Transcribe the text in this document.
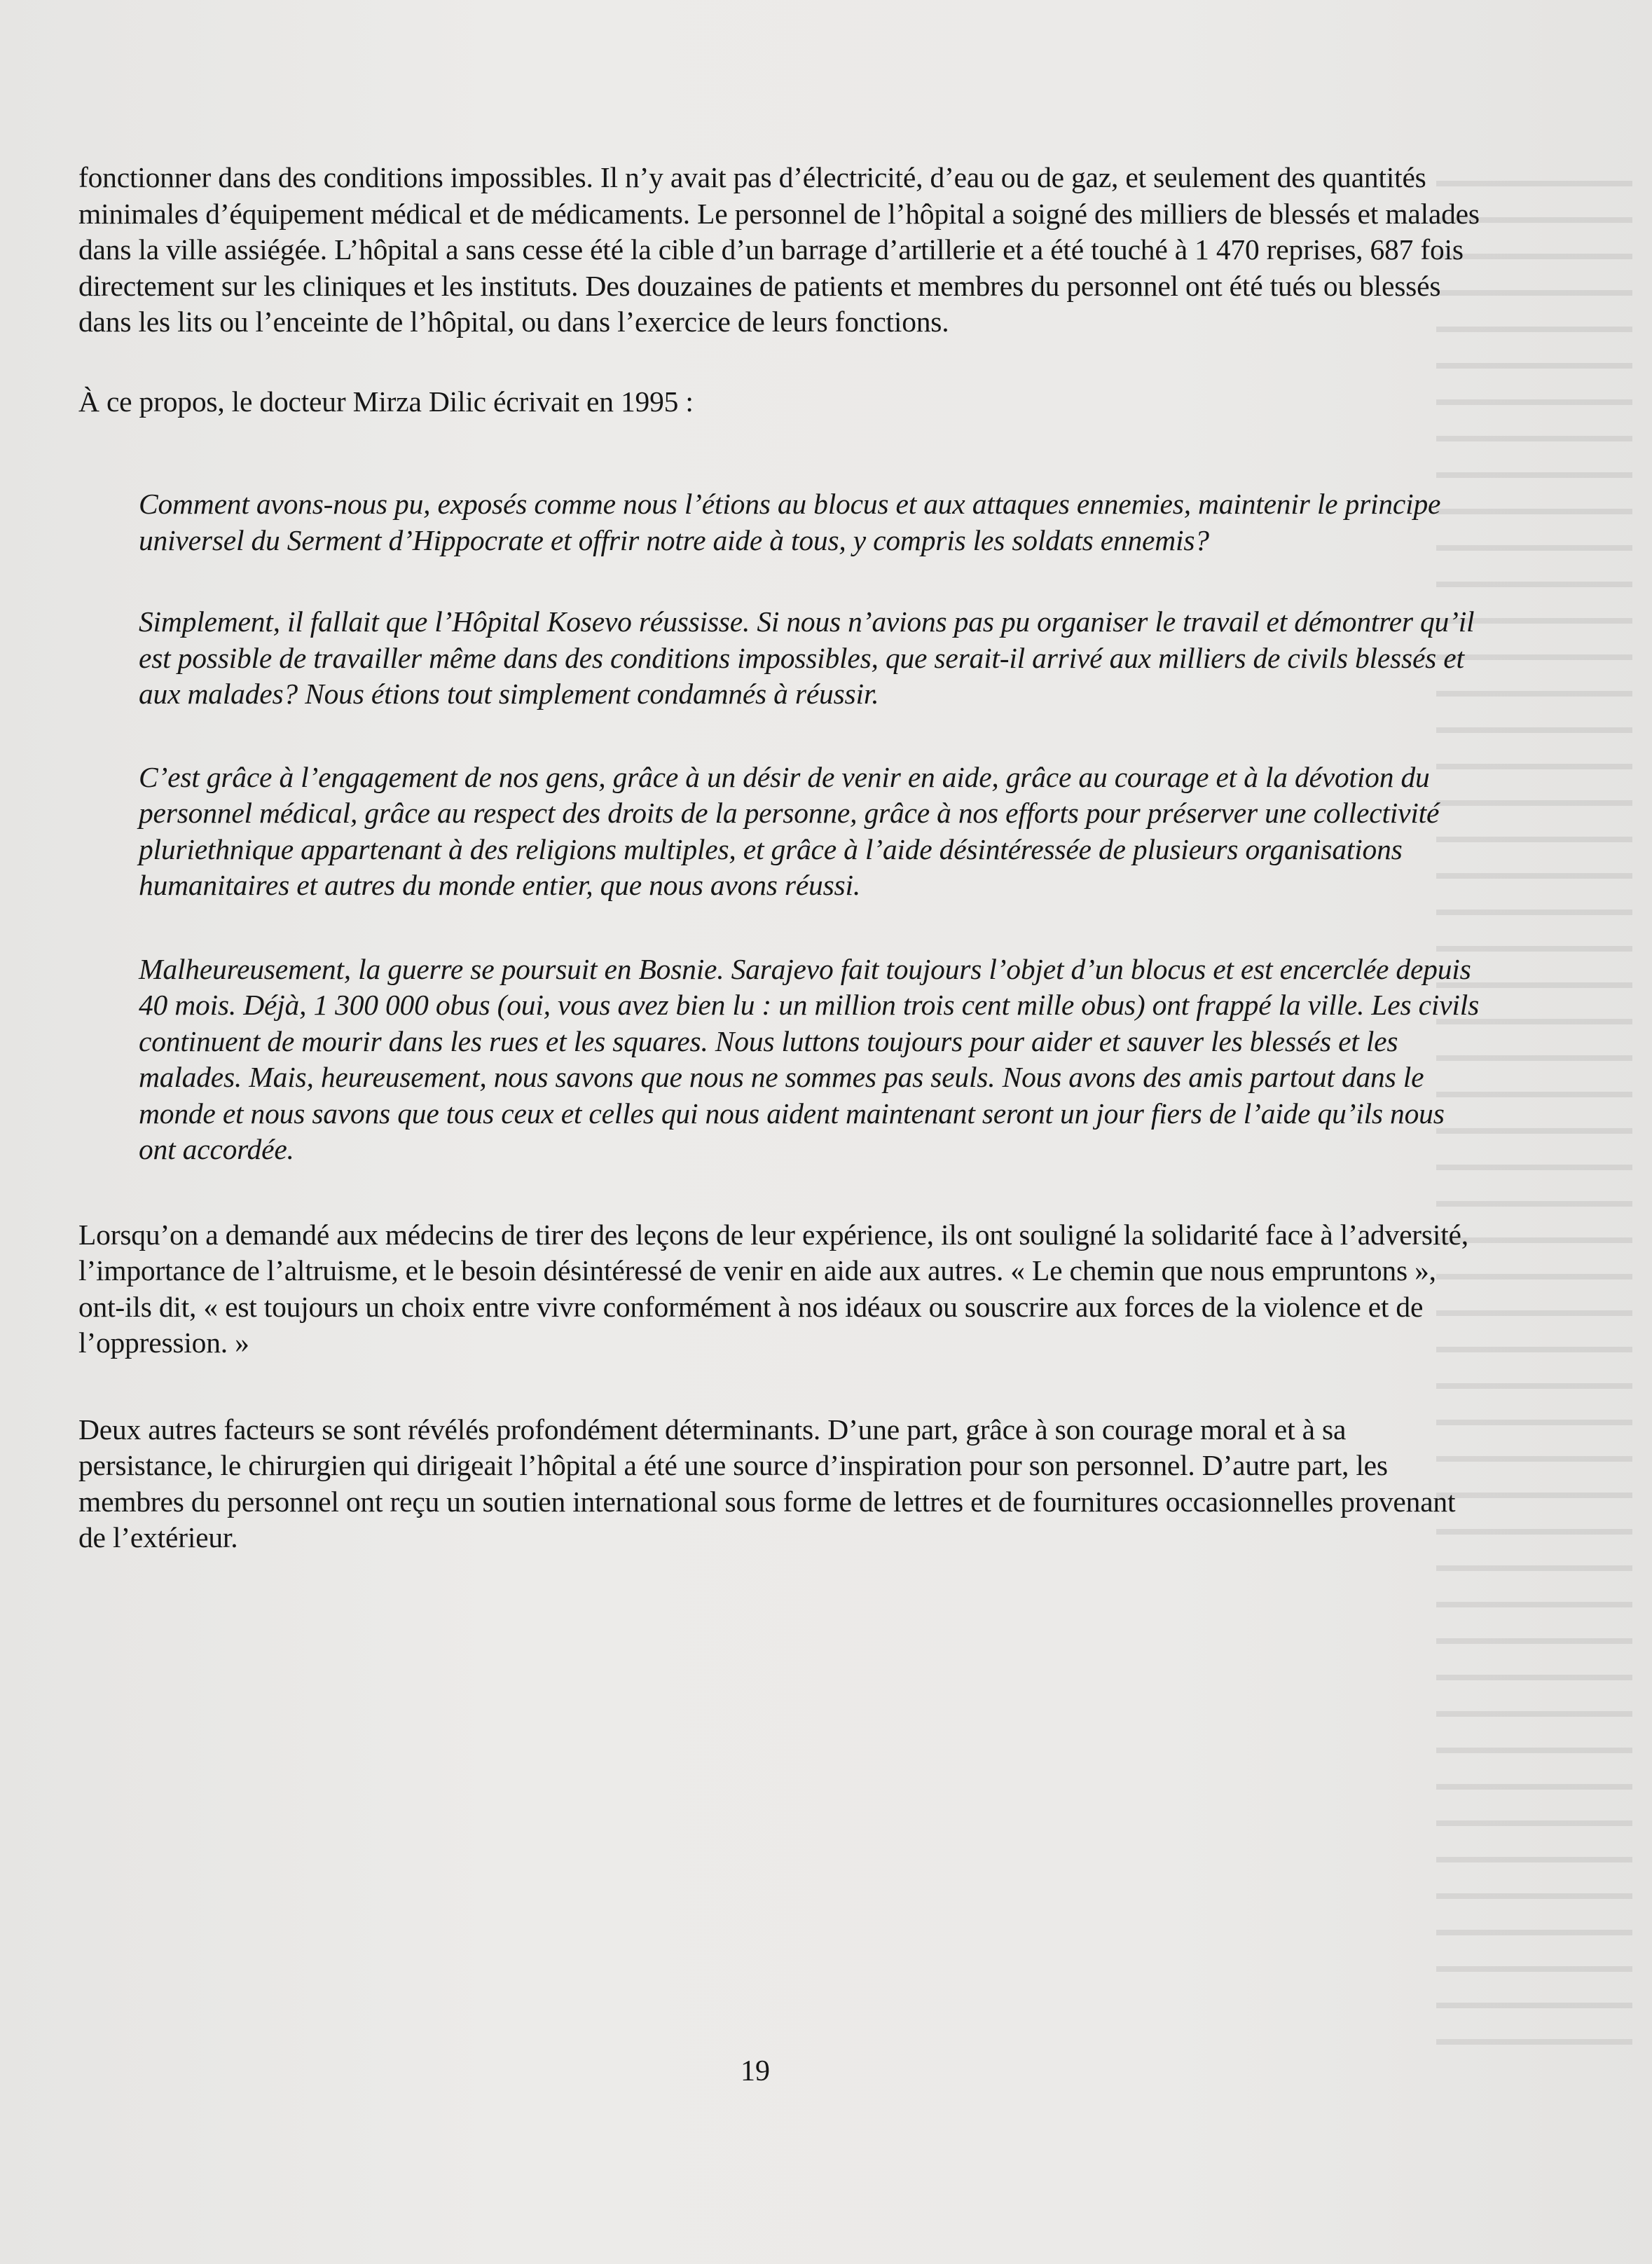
fonctionner dans des conditions impossibles. Il n’y avait pas d’électricité, d’eau ou de gaz, et seulement des quantités minimales d’équipement médical et de médicaments. Le personnel de l’hôpital a soigné des milliers de blessés et malades dans la ville assiégée. L’hôpital a sans cesse été la cible d’un barrage d’artillerie et a été touché à 1 470 reprises, 687 fois directement sur les cliniques et les instituts. Des douzaines de patients et membres du personnel ont été tués ou blessés dans les lits ou l’enceinte de l’hôpital, ou dans l’exercice de leurs fonctions.

À ce propos, le docteur Mirza Dilic écrivait en 1995 :

Comment avons-nous pu, exposés comme nous l’étions au blocus et aux attaques ennemies, maintenir le principe universel du Serment d’Hippocrate et offrir notre aide à tous, y compris les soldats ennemis?

Simplement, il fallait que l’Hôpital Kosevo réussisse. Si nous n’avions pas pu organiser le travail et démontrer qu’il est possible de travailler même dans des conditions impossibles, que serait-il arrivé aux milliers de civils blessés et aux malades? Nous étions tout simplement condamnés à réussir.

C’est grâce à l’engagement de nos gens, grâce à un désir de venir en aide, grâce au courage et à la dévotion du personnel médical, grâce au respect des droits de la personne, grâce à nos efforts pour préserver une collectivité pluriethnique appartenant à des religions multiples, et grâce à l’aide désintéressée de plusieurs organisations humanitaires et autres du monde entier, que nous avons réussi.

Malheureusement, la guerre se poursuit en Bosnie. Sarajevo fait toujours l’objet d’un blocus et est encerclée depuis 40 mois. Déjà, 1 300 000 obus (oui, vous avez bien lu : un million trois cent mille obus) ont frappé la ville. Les civils continuent de mourir dans les rues et les squares. Nous luttons toujours pour aider et sauver les blessés et les malades. Mais, heureusement, nous savons que nous ne sommes pas seuls. Nous avons des amis partout dans le monde et nous savons que tous ceux et celles qui nous aident maintenant seront un jour fiers de l’aide qu’ils nous ont accordée.

Lorsqu’on a demandé aux médecins de tirer des leçons de leur expérience, ils ont souligné la solidarité face à l’adversité, l’importance de l’altruisme, et le besoin désintéressé de venir en aide aux autres. « Le chemin que nous empruntons », ont-ils dit, « est toujours un choix entre vivre conformément à nos idéaux ou souscrire aux forces de la violence et de l’oppression. »

Deux autres facteurs se sont révélés profondément déterminants. D’une part, grâce à son courage moral et à sa persistance, le chirurgien qui dirigeait l’hôpital a été une source d’inspiration pour son personnel. D’autre part, les membres du personnel ont reçu un soutien international sous forme de lettres et de fournitures occasionnelles provenant de l’extérieur.

19
